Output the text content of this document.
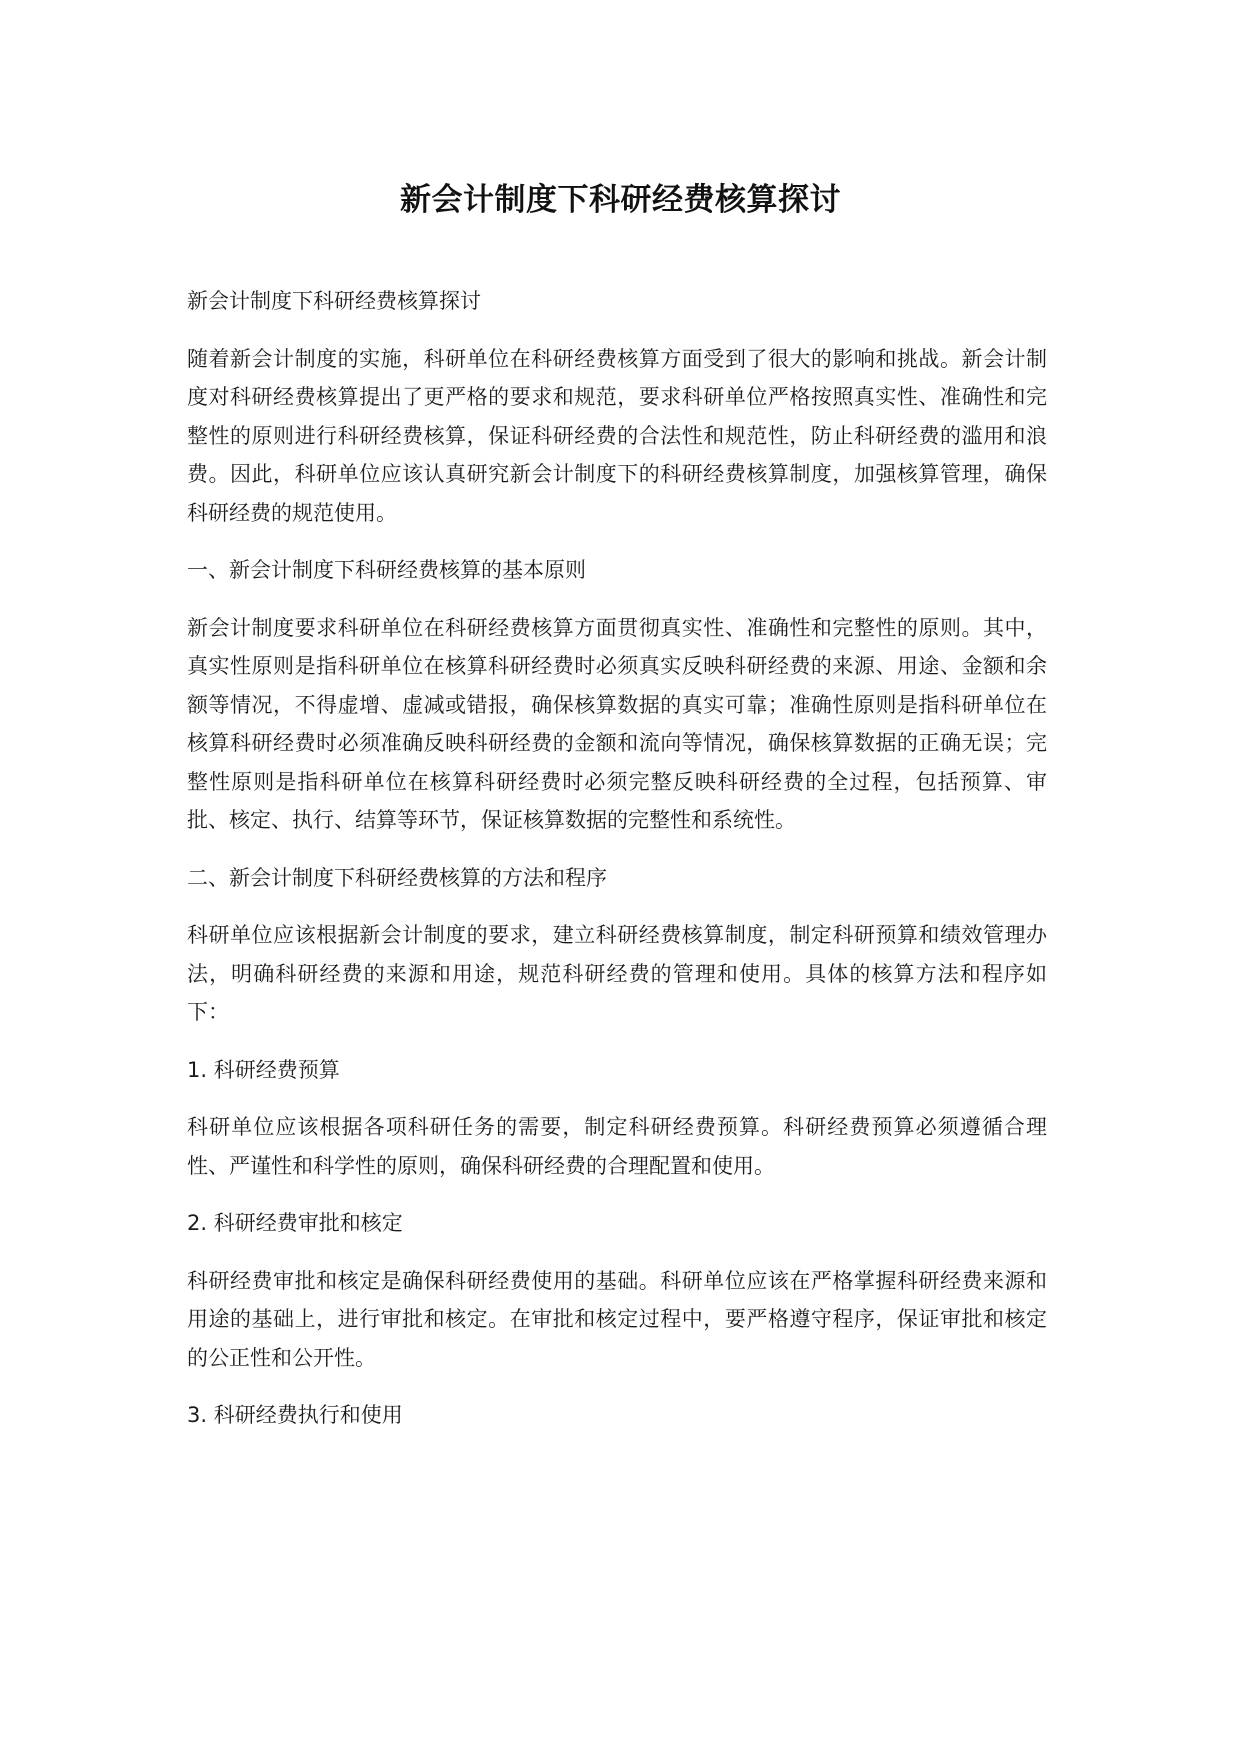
新会计制度下科研经费核算探讨

新会计制度下科研经费核算探讨

随着新会计制度的实施，科研单位在科研经费核算方面受到了很大的影响和挑战。新会计制度对科研经费核算提出了更严格的要求和规范，要求科研单位严格按照真实性、准确性和完整性的原则进行科研经费核算，保证科研经费的合法性和规范性，防止科研经费的滥用和浪费。因此，科研单位应该认真研究新会计制度下的科研经费核算制度，加强核算管理，确保科研经费的规范使用。

一、新会计制度下科研经费核算的基本原则

新会计制度要求科研单位在科研经费核算方面贯彻真实性、准确性和完整性的原则。其中，真实性原则是指科研单位在核算科研经费时必须真实反映科研经费的来源、用途、金额和余额等情况，不得虚增、虚减或错报，确保核算数据的真实可靠；准确性原则是指科研单位在核算科研经费时必须准确反映科研经费的金额和流向等情况，确保核算数据的正确无误；完整性原则是指科研单位在核算科研经费时必须完整反映科研经费的全过程，包括预算、审批、核定、执行、结算等环节，保证核算数据的完整性和系统性。

二、新会计制度下科研经费核算的方法和程序

科研单位应该根据新会计制度的要求，建立科研经费核算制度，制定科研预算和绩效管理办法，明确科研经费的来源和用途，规范科研经费的管理和使用。具体的核算方法和程序如下：

1. 科研经费预算

科研单位应该根据各项科研任务的需要，制定科研经费预算。科研经费预算必须遵循合理性、严谨性和科学性的原则，确保科研经费的合理配置和使用。

2. 科研经费审批和核定

科研经费审批和核定是确保科研经费使用的基础。科研单位应该在严格掌握科研经费来源和用途的基础上，进行审批和核定。在审批和核定过程中，要严格遵守程序，保证审批和核定的公正性和公开性。

3. 科研经费执行和使用
